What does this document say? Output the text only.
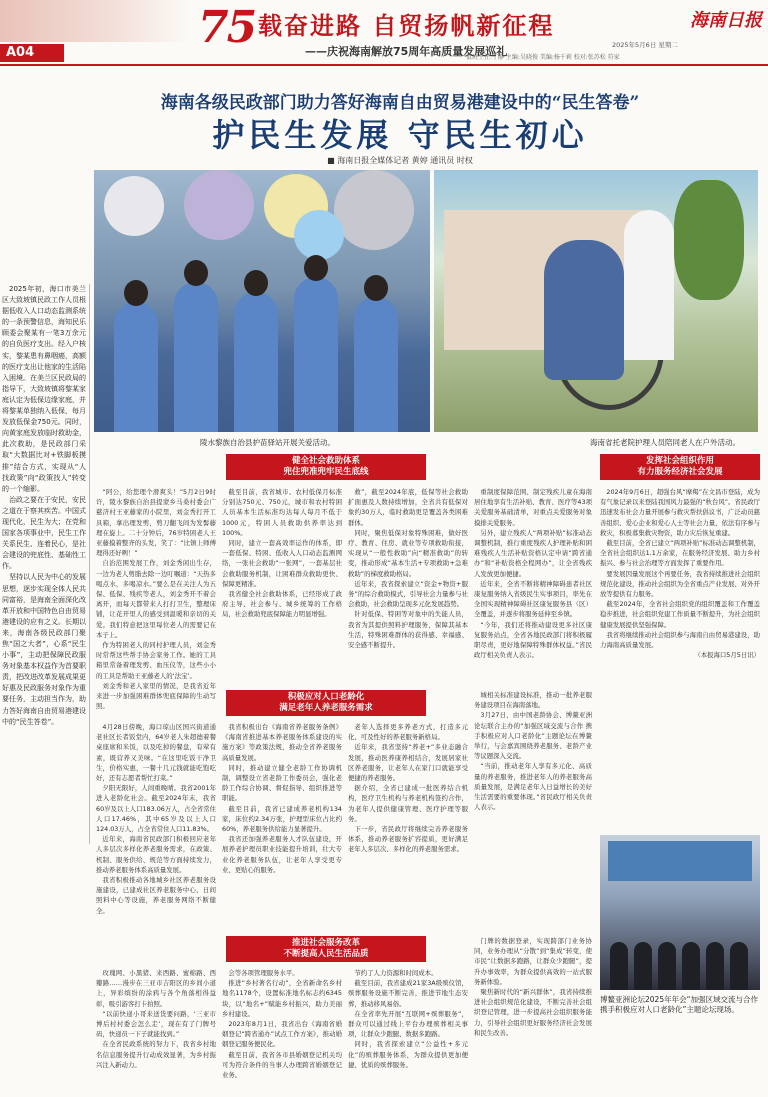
75 载奋进路 自贸扬帆新征程
——庆祝海南解放75周年高质量发展巡礼
海南日报
2025年5月6日 星期二
值班主任:丁静 主编:吴晓俊 美编:杨千莉 校对:张苏松 符家
A04
海南各级民政部门助力答好海南自由贸易港建设中的“民生答卷”
护民生发展 守民生初心
■ 海南日报全媒体记者 黄婷 通讯员 时权
陵水黎族自治县护苗驿站开展关爱活动。	海南省托老院护理人员陪同老人在户外活动。

2025年初，海口市美兰区大致坡镇民政工作人员根据低收入人口动态监测系统的一条预警信息，海知民乐顾委会聚某有一笔3万余元的自负医疗支出。经入户核实，黎某患有鼻咽癌，高额的医疗支出让他家的生活陷入困境。在美兰区民政局的指导下，大致坡镇将黎某家庭认定为低保边缘家庭，并将黎某单独纳入低保，每月发放低保金750元。同时，向黄家庭发放临时救助金，此次救助，是民政部门采取“大数据比对+铁脚板摸排”结合方式，实现从“人找政策”向“政策找人”转变的一个缩影。

治政之要在于安民，安民之道在于察其疾苦。中国式现代化，民生为大；在党和国家各项事业中，民生工作关系民生、连着民心，是社会建设的兜底性、基础性工作。

坚持以人民为中心的发展思想，逐步实现全体人民共同富裕，是海南全面深化改革开放和中国特色自由贸易港建设的应有之义。长期以来，海南各级民政部门聚焦“国之大者”，心系“民生小事”，主动把保障民政服务对象基本权益作为首要职责，把改进改革发展成果更好惠及民政服务对象作为重要任务，主动担当作为，助力答好海南自由贸易港建设中的“民生答卷”。

健全社会救助体系
兜住兜准兜牢民生底线

“阿公，给您理个滑爽头！”5月2日9时许，陵水黎族自治县提蒙乡马桑村委会广慈济村王亚藤家的小院里，刘金秀打开工具箱，拿出理发剪，剪刀翻飞间为发髻藤理在旋上。二十分钟后，76岁特困老人王亚藤摸着整齐的头发，笑了：“比镇上师傅理得还好咧！”

自治范围发展工作，刘金秀闲出生存，一边为老人剪脂去除一边叮嘱道：“天热多喝点水，多喝凉水。”要么是在关注人为五保、低保、残疾等老人，刘金秀开不着会离开，而每天都带来人打打卫生，整理床铺，让花开里人的感受到温暖和亲切的关爱。我们特意把这里每位老人的需要记在本子上。

作为特困老人的同村护理人员，刘金秀时常帮这些帮手协会家务工作。她的工具箱里常备着理发剪、血压仪等，这些小小的工具是帮助王亚藤老人的‘法宝’。

刘金秀和老人家里的情况，是我省近年来进一步加强困难群体兜底保障的生动写照。

截至目前，我省城市、农村低保月标准分别达750元、750元，城市和农村特困人员基本生活标准均达每人每月不低于1000元，特困人员救助供养率达到100%。

同时，建立一套高效率运作的体系，即一套低保、特困、低收入人口动态监测网络，一张社会救助“一张网”，一套基层社会救助服务机制，让困难群众救助更快、保障更精准。

我省健全社会救助体系，已经形成了政府主导、社会参与、城乡统筹的工作格局，社会救助兜底保障能力明显增强。

救”，截至2024年底，低保等社会救助扩面惠及人数持续增加，全省共有低保对象约30万人，临时救助更是覆盖各类困难群体。

同时，聚焦低保对象特殊困难，做好医疗、教育、住房、就业等专项救助衔接，实现从“一般性救助”向“精准救助”的转变，推动形成“基本生活+专项救助+急难救助”的梯度救助格局。

近年来，我省探索建立“资金+物资+服务”的综合救助模式，引导社会力量参与社会救助，社会救助呈现多元化发展趋势。

针对低保、特困等对象中的失能人员，我省为其提供照料护理服务，保障其基本生活，特殊困难群体的获得感、幸福感、安全感不断提升。

重制度保障范围、制定残疾儿童在海南居住地享有生活补贴、教育、医疗等43项关爱服务基础清单，对重点关爱服务对象摸排关爱服务。

另外，建立残疾人“两项补贴”标准动态调整机制，推行重度残疾人护理补贴和困难残疾人生活补贴资格认定申请“跨省通办”和“补贴资格全程网办”，让全省残疾人发放更加便捷。

近年来，全省不断将精神障碍患者社区康复服务纳入省级民生实事项目，率先在全国实现精神障碍社区康复服务县（区）全覆盖，并逐步将服务延伸至乡镇。

“今年，我们还将推动建设更多社区康复服务站点，全省各地民政部门将积极履职尽责，更好地保障特殊群体权益。”省民政厅相关负责人表示。

积极应对人口老龄化
满足老年人养老服务需求

4月28日傍晚，海口琼山区国兴街道通老社区长者饭堂内，64岁老人朱超德着餐桌座席和米饭，以及吃掉的餐盘，有荤有素，既营养又美味。“在这里吃饭干净卫生，价格实惠，一餐十几元钱就能吃饱吃好，还有志愿者帮忙打菜。”

夕阳无限好，人间重晚晴。我省2001年进入老龄化社会。截至2024年末，我省60岁及以上人口183.06万人，占全省常住人口17.46%，其中65岁及以上人口124.03万人，占全省常住人口11.83%。

近年来，海南省民政部门积极回应老年人多层次多样化养老服务需求，在政策、机制、服务供给、规范等方面持续发力，推动养老服务体系高质量发展。

我省积极推动各地城乡社区养老服务设施建设，已建成社区养老服务中心、日间照料中心等设施，养老服务网络不断健全。

我省积极出台《海南省养老服务条例》《海南省推进基本养老服务体系建设的实施方案》等政策法规，推动全省养老服务高质量发展。

同时，推动建立健全老龄工作协调机制，调整设立省老龄工作委员会，强化老龄工作综合协调、督促指导、组织推进等职能。

截至目前，我省已建成养老机构134家，床位约2.34万张，护理型床位占比约60%，养老服务供给能力显著提升。

我省还加强养老服务人才队伍建设，开展养老护理员职业技能提升培训，壮大专业化养老服务队伍，让老年人享受更专业、更贴心的服务。

老年人选择更多养老方式，打造多元化、可及性好的养老服务新格局。

近年来，我省坚持“养老+”多业态融合发展，推动医养康养相结合，发展居家社区养老服务，让老年人在家门口就能享受便捷的养老服务。

据介绍，全省已建成一批医养结合机构，医疗卫生机构与养老机构签约合作，为老年人提供健康管理、医疗护理等服务。

下一步，省民政厅将继续完善养老服务体系，推动养老服务扩容提质，更好满足老年人多层次、多样化的养老服务需求。

城相关标准建设标准，推动一批养老服务建设项目在海南落地。

3月27日，由中国老龄协会、博鳌亚洲论坛联合主办的“加强区域交流与合作 携手积极应对人口老龄化”主题论坛在博鳌举行，与会嘉宾围绕养老服务、老龄产业等议题深入交流。

“当前，推动老年人享有多元化、高质量的养老服务，推进老年人的养老服务高质量发展，是满足老年人日益增长的美好生活需要的重要体现。”省民政厅相关负责人表示。

推进社会服务改革
不断提高人民生活品质

玫瑰网、小黑猪、来西路、蜜棉路、西瓣路……漫步在三亚市吉阳区的乡间小道上，异彩缤纷的涂鸦与各个角落相得益彰，吸引游客打卡拍照。

“以前快递小哥来送货要问路，‘三亚市博后村村委会怎么走’，现在有了门牌号码，快递员一下子就能找到。”

在全省民政系统的努力下，我省乡村地名信息服务提升行动成效显著，为乡村振兴注入新动力。

会等各项管理服务水平。

推进“乡村著名行动”，全省新命名乡村地名1178个，设置标准地名标志约6345块，以“地名+”赋能乡村振兴，助力美丽乡村建设。

2023年8月1日，我省出台《海南省婚姻登记“跨省通办”试点工作方案》，推动婚姻登记服务便民化。

截至目前，我省各市县婚姻登记机关均可为符合条件的当事人办理跨省婚姻登记业务。

节约了人力资源和时间成本。

截至目前，我省建成21家3A级殡仪馆，殡葬服务设施不断完善，推进节地生态安葬，推动移风易俗。

在全省率先开展“互联网+殡葬服务”，群众可以通过线上平台办理殡葬相关事项，让群众少跑腿、数据多跑路。

同时，我省探索建立“公益性+多元化”的殡葬服务体系，为群众提供更加便捷、优质的殡葬服务。

门牌的数据登录，实现跨部门业务协同，业务办理从“分散”到“集成”转变，使市民“让数据多跑路，让群众少跑腿”，提升办事效率，为群众提供高效的一站式服务新体验。

聚焦新时代的“新兴群体”，我省持续推进社会组织规范化建设，不断完善社会组织登记管理，进一步提高社会组织服务能力，引导社会组织更好服务经济社会发展和民生改善。

发挥社会组织作用
有力服务经济社会发展

2024年9月6日，超强台风“摩羯”在文昌市登陆，成为有气象记录以来登陆我国风力最强的“秋台风”。省民政厅迅速发布社会力量开展参与救灾帮扶倡议书，广泛动员慈善组织、爱心企业和爱心人士等社会力量，依法有序参与救灾，积极募集救灾物资，助力灾后恢复重建。

截至目前，全省已建立“两项补贴”标准动态调整机制，全省社会组织达1.1万余家，在服务经济发展、助力乡村振兴、参与社会治理等方面发挥了重要作用。

要发展因量发展这个再要任务，我省持续推进社会组织规范化建设，推动社会组织为全省重点产业发展、对外开放等提供有力服务。

截至2024年，全省社会组织党的组织覆盖和工作覆盖稳步推进，社会组织党建工作质量不断提升，为社会组织健康发展提供坚强保障。

我省将继续推动社会组织参与海南自由贸易港建设，助力海南高质量发展。

（本报海口5月5日讯）

博鳌亚洲论坛2025年年会“加强区域交流与合作 携手积极应对人口老龄化”主题论坛现场。
